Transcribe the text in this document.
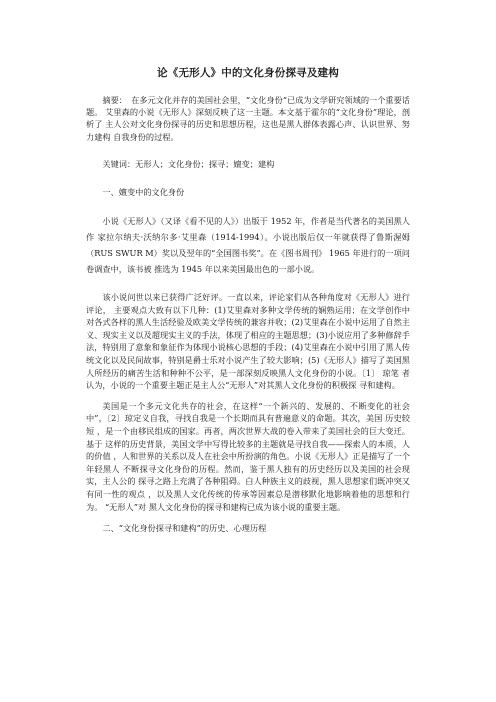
论《无形人》中的文化身份探寻及建构

摘要：　在多元文化并存的美国社会里，“文化身份”已成为文学研究领域的一个重要话题。 艾里森的小说《无形人》深刻反映了这一主题。本文基于霍尔的“文化身份”理论，剖析了 主人公对文化身份探寻的历史和思想历程，这也是黑人群体表露心声、认识世界、努力建构 自我身份的过程。

关键词：无形人；文化身份；探寻；嬗变；建构

一、嬗变中的文化身份

小说《无形人》（又译《看不见的人》）出版于 1952 年，作者是当代著名的美国黑人作 家拉尔纳夫·沃纳尔多·艾里森（1914-1994）。小说出版后仅一年就获得了鲁斯渥姆（RUS SWUR M）奖以及翌年的“全国图书奖”。在《图书周刊》 1965 年进行的一项问卷调查中，该书被 推选为 1945 年以来美国最出色的一部小说。

该小说问世以来已获得广泛好评。一直以来，评论家们从各种角度对《无形人》进行评论， 主要观点大致有以下几种：(1)艾里森对多种文学传统的娴熟运用；在文学创作中对各式各样的黑人生活经验及欧美文学传统的兼容并收；(2)艾里森在小说中运用了自然主 义、现实主义以及超现实主义的手法，体现了相应的主题思想；(3)小说应用了多种修辞手 法，特别用了意象和象征作为体现小说核心思想的手段；(4)艾里森在小说中引用了黑人传 统文化以及民间故事，特别是爵士乐对小说产生了较大影响；(5)《无形人》描写了美国黑 人所经历的痛苦生活和种种不公平，是一部深刻反映黑人文化身份的小说。〔1〕 琼笔 者认为，小说的一个重要主题正是主人公“无形人”对其黑人文化身份的积极探 寻和建构。

美国是一个多元文化共存的社会，在这样“一个新兴的、发展的、不断变化的社会中”，〔2〕琼定义自我，寻找自我是一个长期而具有普遍意义的命题。其次，美国 历史较短 ，是一个由移民组成的国家。再者，两次世界大战的卷入带来了美国社会的巨大变迁。基于 这样的历史背景，美国文学中写得比较多的主题就是寻找自我——探索人的本质，人的价值 ，人和世界的关系以及人在社会中所扮演的角色。小说《无形人》正是描写了一个年轻黑人 不断探寻文化身份的历程。然而，鉴于黑人独有的历史经历以及美国的社会现实，主人公的 探寻之路上充满了各种阻碍。白人种族主义的歧视，黑人思想家们既冲突又有同一性的观点 ，以及黑人文化传统的传承等因素总是潜移默化地影响着他的思想和行为。 “无形人”对 黑人文化身份的探寻和建构已成为该小说的重要主题。

二、“文化身份探寻和建构”的历史、心理历程
